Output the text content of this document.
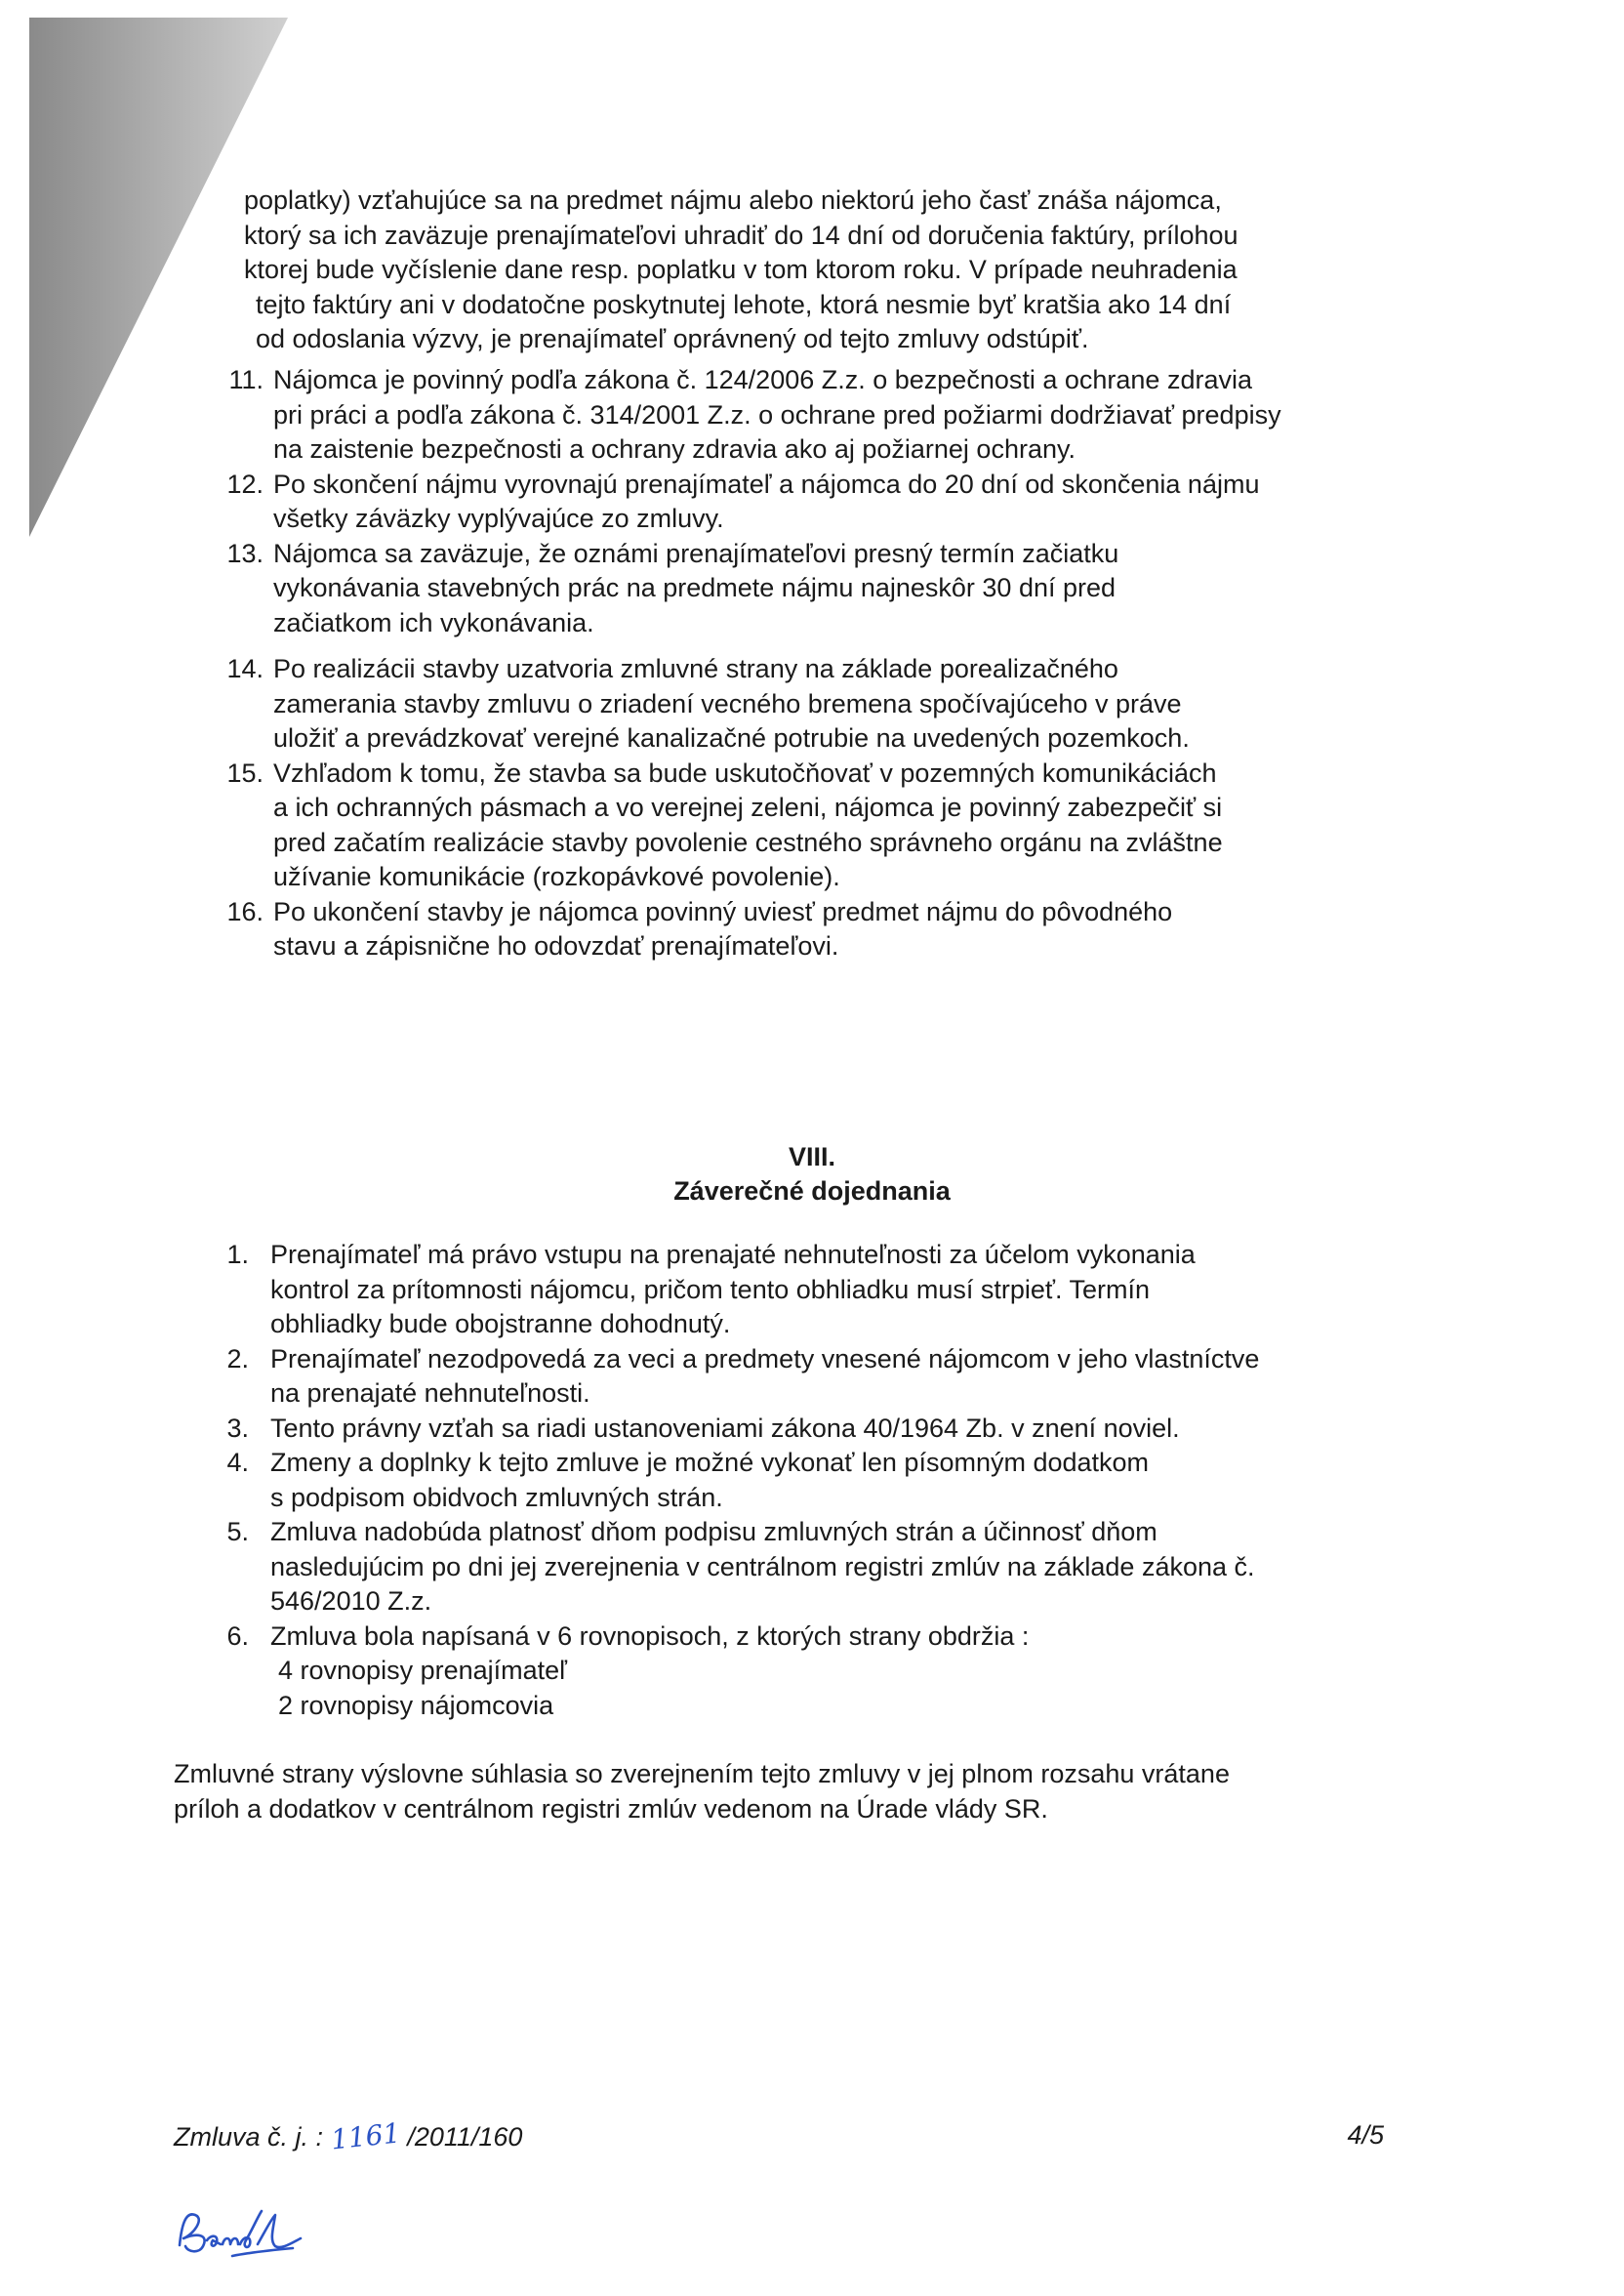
poplatky) vzťahujúce sa na predmet nájmu alebo niektorú jeho časť znáša nájomca,
ktorý sa ich zaväzuje prenajímateľovi uhradiť do 14 dní od doručenia faktúry, prílohou
ktorej bude vyčíslenie dane resp. poplatku v tom ktorom roku. V prípade neuhradenia
tejto faktúry ani v dodatočne poskytnutej lehote, ktorá nesmie byť kratšia ako 14 dní
od odoslania výzvy, je prenajímateľ oprávnený od tejto zmluvy odstúpiť.

11. Nájomca je povinný podľa zákona č. 124/2006 Z.z. o bezpečnosti a ochrane zdravia
pri práci a podľa zákona č. 314/2001 Z.z. o ochrane pred požiarmi dodržiavať predpisy
na zaistenie bezpečnosti a ochrany zdravia ako aj požiarnej ochrany.
12. Po skončení nájmu vyrovnajú prenajímateľ a nájomca do 20 dní od skončenia nájmu
všetky záväzky vyplývajúce zo zmluvy.
13. Nájomca sa zaväzuje, že oznámi prenajímateľovi presný termín začiatku
vykonávania stavebných prác na predmete nájmu najneskôr 30 dní pred
začiatkom ich vykonávania.
14. Po realizácii stavby uzatvoria zmluvné strany na základe porealizačného
zamerania stavby zmluvu o zriadení vecného bremena spočívajúceho v práve
uložiť a prevádzkovať verejné kanalizačné potrubie na uvedených pozemkoch.
15. Vzhľadom k tomu, že stavba sa bude uskutočňovať v pozemných komunikáciách
a ich ochranných pásmach a vo verejnej zeleni, nájomca je povinný zabezpečiť si
pred začatím realizácie stavby povolenie cestného správneho orgánu na zvláštne
užívanie komunikácie (rozkopávkové povolenie).
16. Po ukončení stavby je nájomca povinný uviesť predmet nájmu do pôvodného
stavu a zápisnične ho odovzdať prenajímateľovi.
VIII.
Záverečné dojednania
1. Prenajímateľ má právo vstupu na prenajaté nehnuteľnosti za účelom vykonania
kontrol za prítomnosti nájomcu, pričom tento obhliadku musí strpieť. Termín
obhliadky bude obojstranne dohodnutý.
2. Prenajímateľ nezodpovedá za veci a predmety vnesené nájomcom v jeho vlastníctve
na prenajaté nehnuteľnosti.
3. Tento právny vzťah sa riadi ustanoveniami zákona 40/1964 Zb. v znení noviel.
4. Zmeny a doplnky k tejto zmluve je možné vykonať len písomným dodatkom
s podpisom obidvoch zmluvných strán.
5. Zmluva nadobúda platnosť dňom podpisu zmluvných strán a účinnosť dňom
nasledujúcim po dni jej zverejnenia v centrálnom registri zmlúv na základe zákona č.
546/2010 Z.z.
6. Zmluva bola napísaná v 6 rovnopisoch, z ktorých strany obdržia :
4 rovnopisy prenajímateľ
2 rovnopisy nájomcovia
Zmluvné strany výslovne súhlasia so zverejnením tejto zmluvy v jej plnom rozsahu vrátane
príloh a dodatkov v centrálnom registri zmlúv vedenom na Úrade vlády SR.
Zmluva č. j. : 1161 /2011/160	4/5
